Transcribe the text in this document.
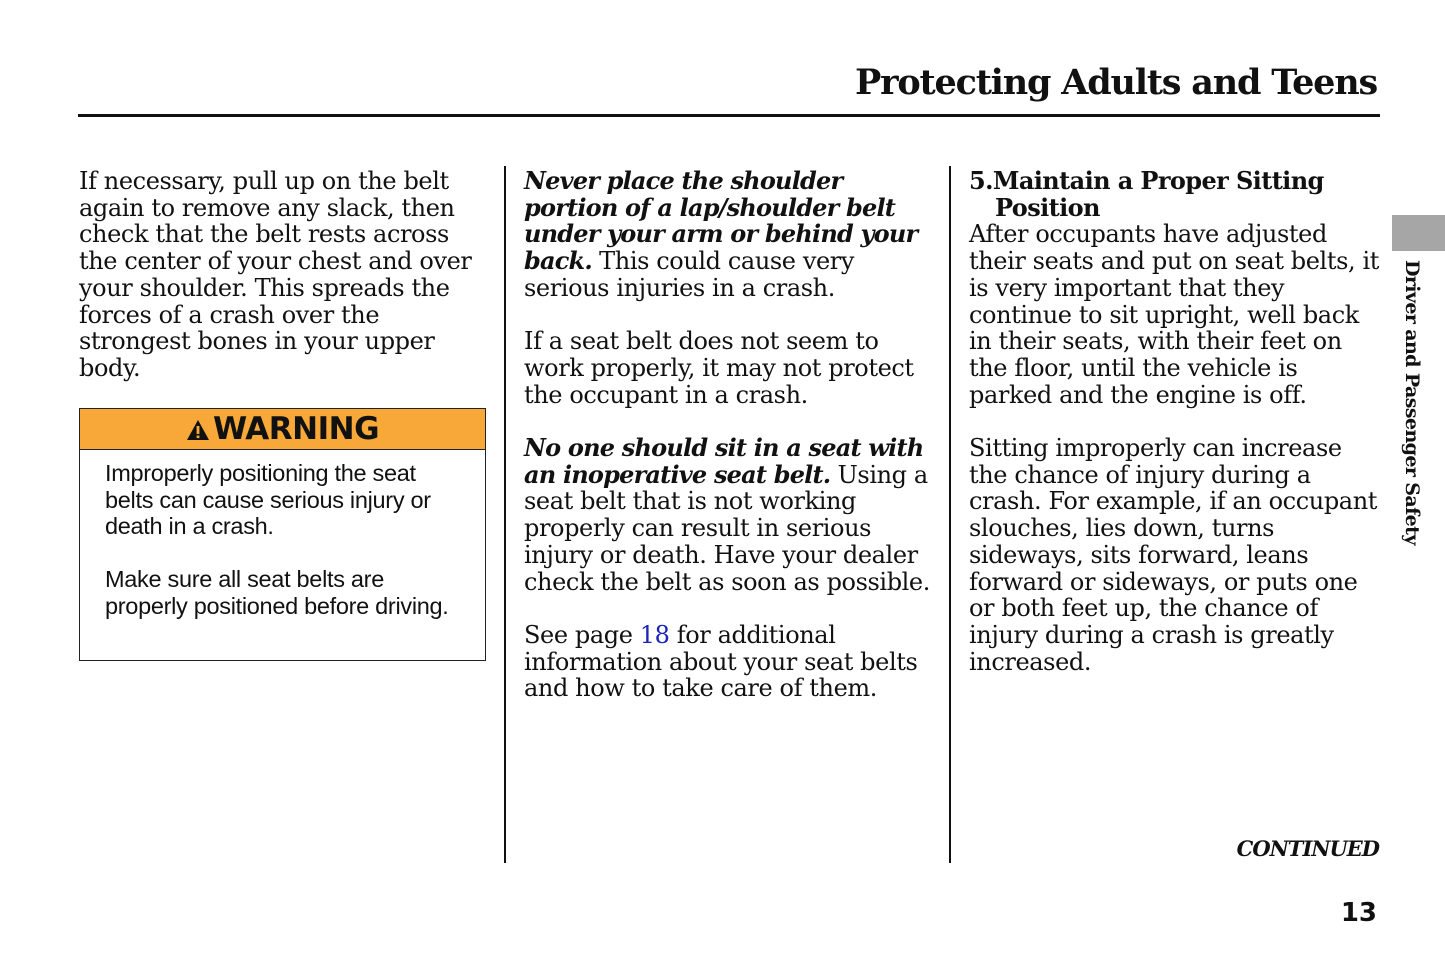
Protecting Adults and Teens
Driver and Passenger Safety

If necessary, pull up on the belt again to remove any slack, then check that the belt rests across the center of your chest and over your shoulder. This spreads the forces of a crash over the strongest bones in your upper body.

WARNING

Improperly positioning the seat belts can cause serious injury or death in a crash.

Make sure all seat belts are properly positioned before driving.

Never place the shoulder portion of a lap/shoulder belt under your arm or behind your back. This could cause very serious injuries in a crash.

If a seat belt does not seem to work properly, it may not protect the occupant in a crash.

No one should sit in a seat with an inoperative seat belt. Using a seat belt that is not working properly can result in serious injury or death. Have your dealer check the belt as soon as possible.

See page 18 for additional information about your seat belts and how to take care of them.

5.Maintain a Proper Sitting
Position

After occupants have adjusted their seats and put on seat belts, it is very important that they continue to sit upright, well back in their seats, with their feet on the floor, until the vehicle is parked and the engine is off.

Sitting improperly can increase the chance of injury during a crash. For example, if an occupant slouches, lies down, turns sideways, sits forward, leans forward or sideways, or puts one or both feet up, the chance of injury during a crash is greatly increased.

CONTINUED
13
